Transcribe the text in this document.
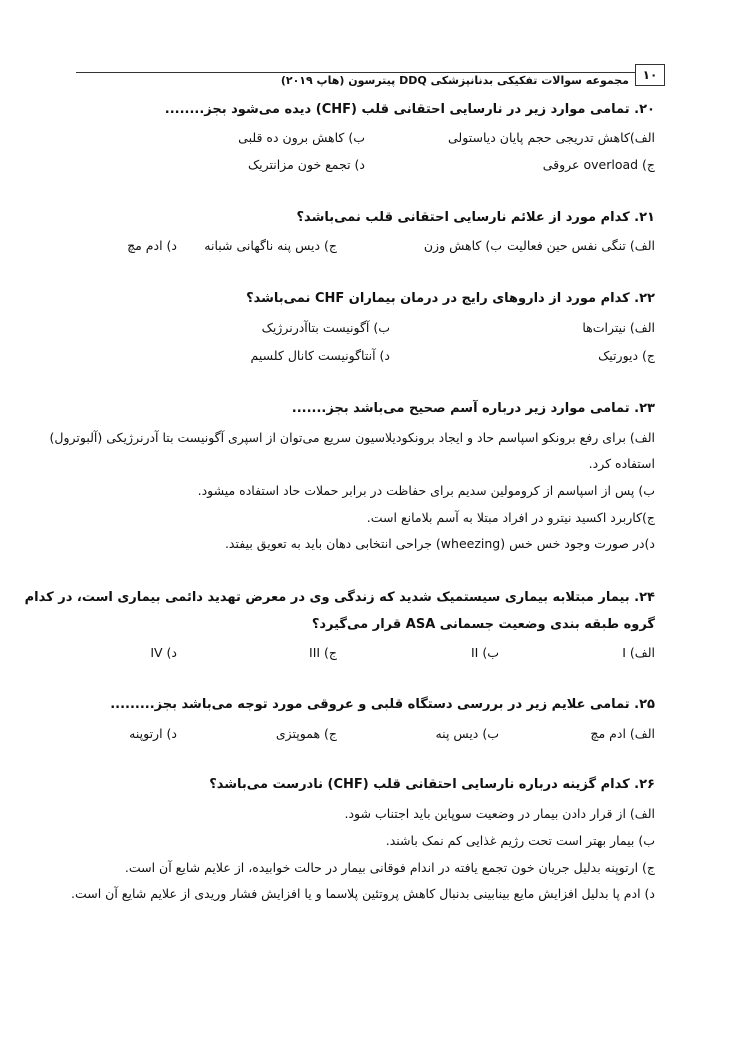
۱۰
مجموعه سوالات تفکیکی بدنانپزشکی DDQ پیترسون (هاپ ۲۰۱۹)
۲۰. تمامی موارد زیر در نارسایی احتقانی قلب (CHF) دیده می‌شود بجز........
الف)کاهش تدریجی حجم پایان دیاستولی
ب) کاهش برون ده قلبی
ج) overload عروقی
د) تجمع خون مزانتریک
۲۱. کدام مورد از علائم نارسایی احتقانی قلب نمی‌باشد؟
الف) تنگی نفس حین فعالیت
ب) کاهش وزن
ج) دیس پنه ناگهانی شبانه
د) ادم مچ
۲۲. کدام مورد از داروهای رایج در درمان بیماران CHF نمی‌باشد؟
الف) نیترات‌ها
ب) آگونیست بتاآدرنرژیک
ج) دیورتیک
د) آنتاگونیست کانال کلسیم
۲۳. تمامی موارد زیر درباره آسم صحیح می‌باشد بجز.......
الف) برای رفع برونکو اسپاسم حاد و ایجاد برونکودیلاسیون سریع می‌توان از اسپری آگونیست بتا آدرنرژیکی (آلبوترول)
استفاده کرد.
ب) پس از اسپاسم از کرومولین سدیم برای حفاظت در برابر حملات حاد استفاده میشود.
ج)کاربرد اکسید نیترو در افراد مبتلا به آسم بلامانع است.
د)در صورت وجود خس خس (wheezing) جراحی انتخابی دهان باید به تعویق بیفتد.
۲۴. بیمار مبتلابه بیماری سیستمیک شدید که زندگی وی در معرض تهدید دائمی بیماری است، در کدام
گروه طبقه بندی وضعیت جسمانی ASA قرار می‌گیرد؟
الف) I
ب) II
ج) III
د) IV
۲۵. تمامی علایم زیر در بررسی دستگاه قلبی و عروقی مورد توجه می‌باشد بجز.........
الف) ادم مچ
ب) دیس پنه
ج) هموپتزی
د) ارتوپنه
۲۶. کدام گزینه درباره نارسایی احتقانی قلب (CHF) نادرست می‌باشد؟
الف) از قرار دادن بیمار در وضعیت سوپاین باید اجتناب شود.
ب) بیمار بهتر است تحت رژیم غذایی کم نمک باشند.
ج) ارتوپنه بدلیل جریان خون تجمع یافته در اندام فوقانی بیمار در حالت خوابیده، از علایم شایع آن است.
د) ادم پا بدلیل افزایش مایع بینابینی بدنبال کاهش پروتئین پلاسما و یا افزایش فشار وریدی از علایم شایع آن است.
